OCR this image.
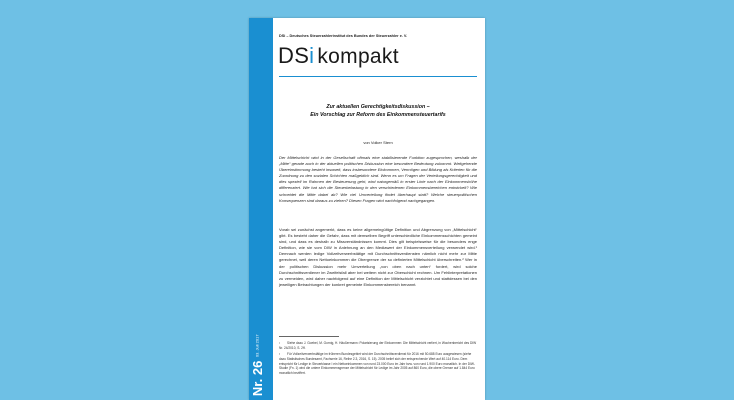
Nr. 26
03. Juli 2017
DSi – Deutsches Steuerzahlerinstitut des Bundes der Steuerzahler e. V.
DSi kompakt
Zur aktuellen Gerechtigkeitsdiskussion –
Ein Vorschlag zur Reform des Einkommensteuertarifs
von Volker Stern
Der Mittelschicht wird in der Gesellschaft oftmals eine stabilisierende Funktion zugesprochen, weshalb der „Mitte“ gerade auch in der aktuellen politischen Diskussion eine besondere Bedeutung zukommt. Weitgehende Übereinstimmung besteht insoweit, dass insbesondere Einkommen, Vermögen und Bildung als Kriterien für die Zuordnung zu den sozialen Schichten maßgeblich sind. Wenn es um Fragen der Verteilungsgerechtigkeit und dies speziell im Rahmen der Besteuerung geht, wird naturgemäß in erster Linie nach der Einkommenshöhe differenziert. Wie hat sich die Steuerbelastung in den verschiedenen Einkommensbereichen entwickelt? Wie schneidet die Mitte dabei ab? Wie viel Umverteilung findet überhaupt statt? Welche steuerpolitischen Konsequenzen sind daraus zu ziehen? Diesen Fragen wird nachfolgend nachgegangen.
Vorab sei zunächst angemerkt, dass es keine allgemeingültige Definition und Abgrenzung von „Mittelschicht“ gibt. Es besteht daher die Gefahr, dass mit demselben Begriff unterschiedliche Einkommensschichten gemeint sind, und dass es deshalb zu Missverständnissen kommt. Dies gilt beispielsweise für die besonders enge Definition, wie sie vom DIW in Anlehnung an den Mediawert der Einkommensverteilung verwendet wird.¹ Demnach werden ledige Vollzeitverwerbstätige mit Durchschnittsverdiensten nämlich nicht mehr zur Mitte gerechnet, weil deren Nettoeinkommen die Obergrenze der so definierten Mittelschicht überschreiten.² Wer in der politischen Diskussion mehr Umverteilung „von oben nach unten“ fordert, wird solche Durchschnittsverdiener im Zweifelsfall aber bei weitem nicht zur Oberschicht rechnen. Um Fehlinterpretationen zu vermeiden, wird daher nachfolgend auf eine Definition der Mittelschicht verzichtet und stattdessen bei den jeweiligen Betrachtungen der konkret gemeinte Einkommensbereich benannt.
¹ Siehe dazu J. Goebel, M. Gornig, H. Häußermann: Polarisierung der Einkommen: Die Mittelschicht verliert, in Wochenbericht des DIW Nr. 24/2010, S. 2ff.
² Für Vollzeitverwerbstätige im früheren Bundesgebiet wird der Durchschnittsverdienst für 2016 mit 50.688 Euro ausgewiesen (siehe dazu Statistisches Bundesamt, Fachserie 16, Reihe 2.3, 2016, S. 15). 2005 belief sich der entsprechende Wert auf 40.114 Euro. Dem entspricht für Ledige in Steuerklasse I ein Nettoeinkommen von rund 23.000 Euro im Jahr bzw. von rund 1.900 Euro monatlich. In der DIW-Studie (Fn. 1) wird die untere Einkommensgrenze der Mittelschicht für Ledige im Jahr 2005 auf 860 Euro, die obere Grenze auf 1.844 Euro monatlich beziffert.
